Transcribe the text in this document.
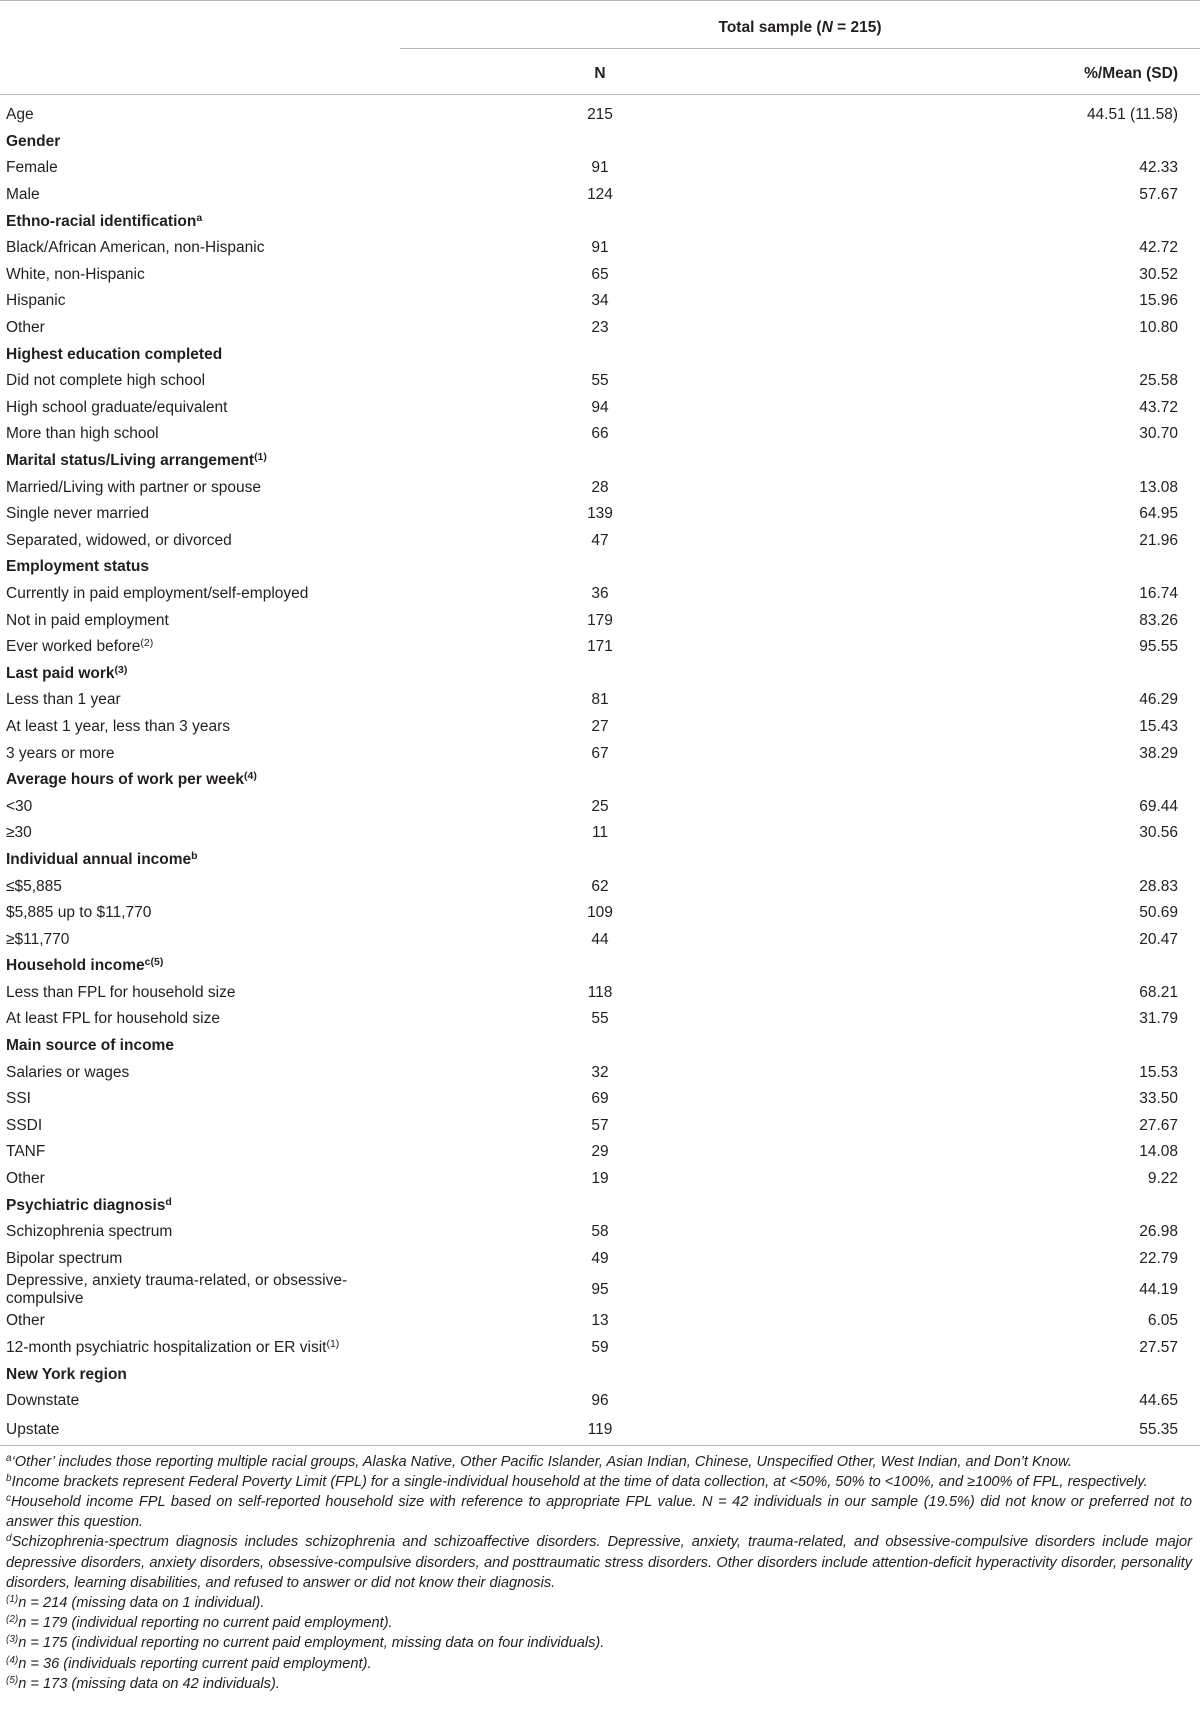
	Total sample (N = 215)	
	N	%/Mean (SD)

Age	215	44.51 (11.58)
Gender		
Female	91	42.33
Male	124	57.67
Ethno-racial identification$^a$		
Black/African American, non-Hispanic	91	42.72
White, non-Hispanic	65	30.52
Hispanic	34	15.96
Other	23	10.80
Highest education completed		
Did not complete high school	55	25.58
High school graduate/equivalent	94	43.72
More than high school	66	30.70
Marital status/Living arrangement$^{(1)}$		
Married/Living with partner or spouse	28	13.08
Single never married	139	64.95
Separated, widowed, or divorced	47	21.96
Employment status		
Currently in paid employment/self-employed	36	16.74
Not in paid employment	179	83.26
Ever worked before$^{(2)}$	171	95.55
Last paid work$^{(3)}$		
Less than 1 year	81	46.29
At least 1 year, less than 3 years	27	15.43
3 years or more	67	38.29
Average hours of work per week$^{(4)}$		
<30	25	69.44
≥30	11	30.56
Individual annual income$^b$		
≤$5,885	62	28.83
$5,885 up to $11,770	109	50.69
≥$11,770	44	20.47
Household income$^{c(5)}$		
Less than FPL for household size	118	68.21
At least FPL for household size	55	31.79
Main source of income		
Salaries or wages	32	15.53
SSI	69	33.50
SSDI	57	27.67
TANF	29	14.08
Other	19	9.22
Psychiatric diagnosis$^d$		
Schizophrenia spectrum	58	26.98
Bipolar spectrum	49	22.79
Depressive, anxiety trauma-related, or obsessive-compulsive	95	44.19
Other	13	6.05
12-month psychiatric hospitalization or ER visit$^{(1)}$	59	27.57
New York region		
Downstate	96	44.65
Upstate	119	55.35

$^a$‘Other’ includes those reporting multiple racial groups, Alaska Native, Other Pacific Islander, Asian Indian, Chinese, Unspecified Other, West Indian, and Don’t Know.

$^b$Income brackets represent Federal Poverty Limit (FPL) for a single-individual household at the time of data collection, at <50%, 50% to <100%, and ≥100% of FPL, respectively.

$^c$Household income FPL based on self-reported household size with reference to appropriate FPL value. N = 42 individuals in our sample (19.5%) did not know or preferred not to answer this question.

$^d$Schizophrenia-spectrum diagnosis includes schizophrenia and schizoaffective disorders. Depressive, anxiety, trauma-related, and obsessive-compulsive disorders include major depressive disorders, anxiety disorders, obsessive-compulsive disorders, and posttraumatic stress disorders. Other disorders include attention-deficit hyperactivity disorder, personality disorders, learning disabilities, and refused to answer or did not know their diagnosis.

$^{(1)}$n = 214 (missing data on 1 individual).

$^{(2)}$n = 179 (individual reporting no current paid employment).

$^{(3)}$n = 175 (individual reporting no current paid employment, missing data on four individuals).

$^{(4)}$n = 36 (individuals reporting current paid employment).

$^{(5)}$n = 173 (missing data on 42 individuals).
